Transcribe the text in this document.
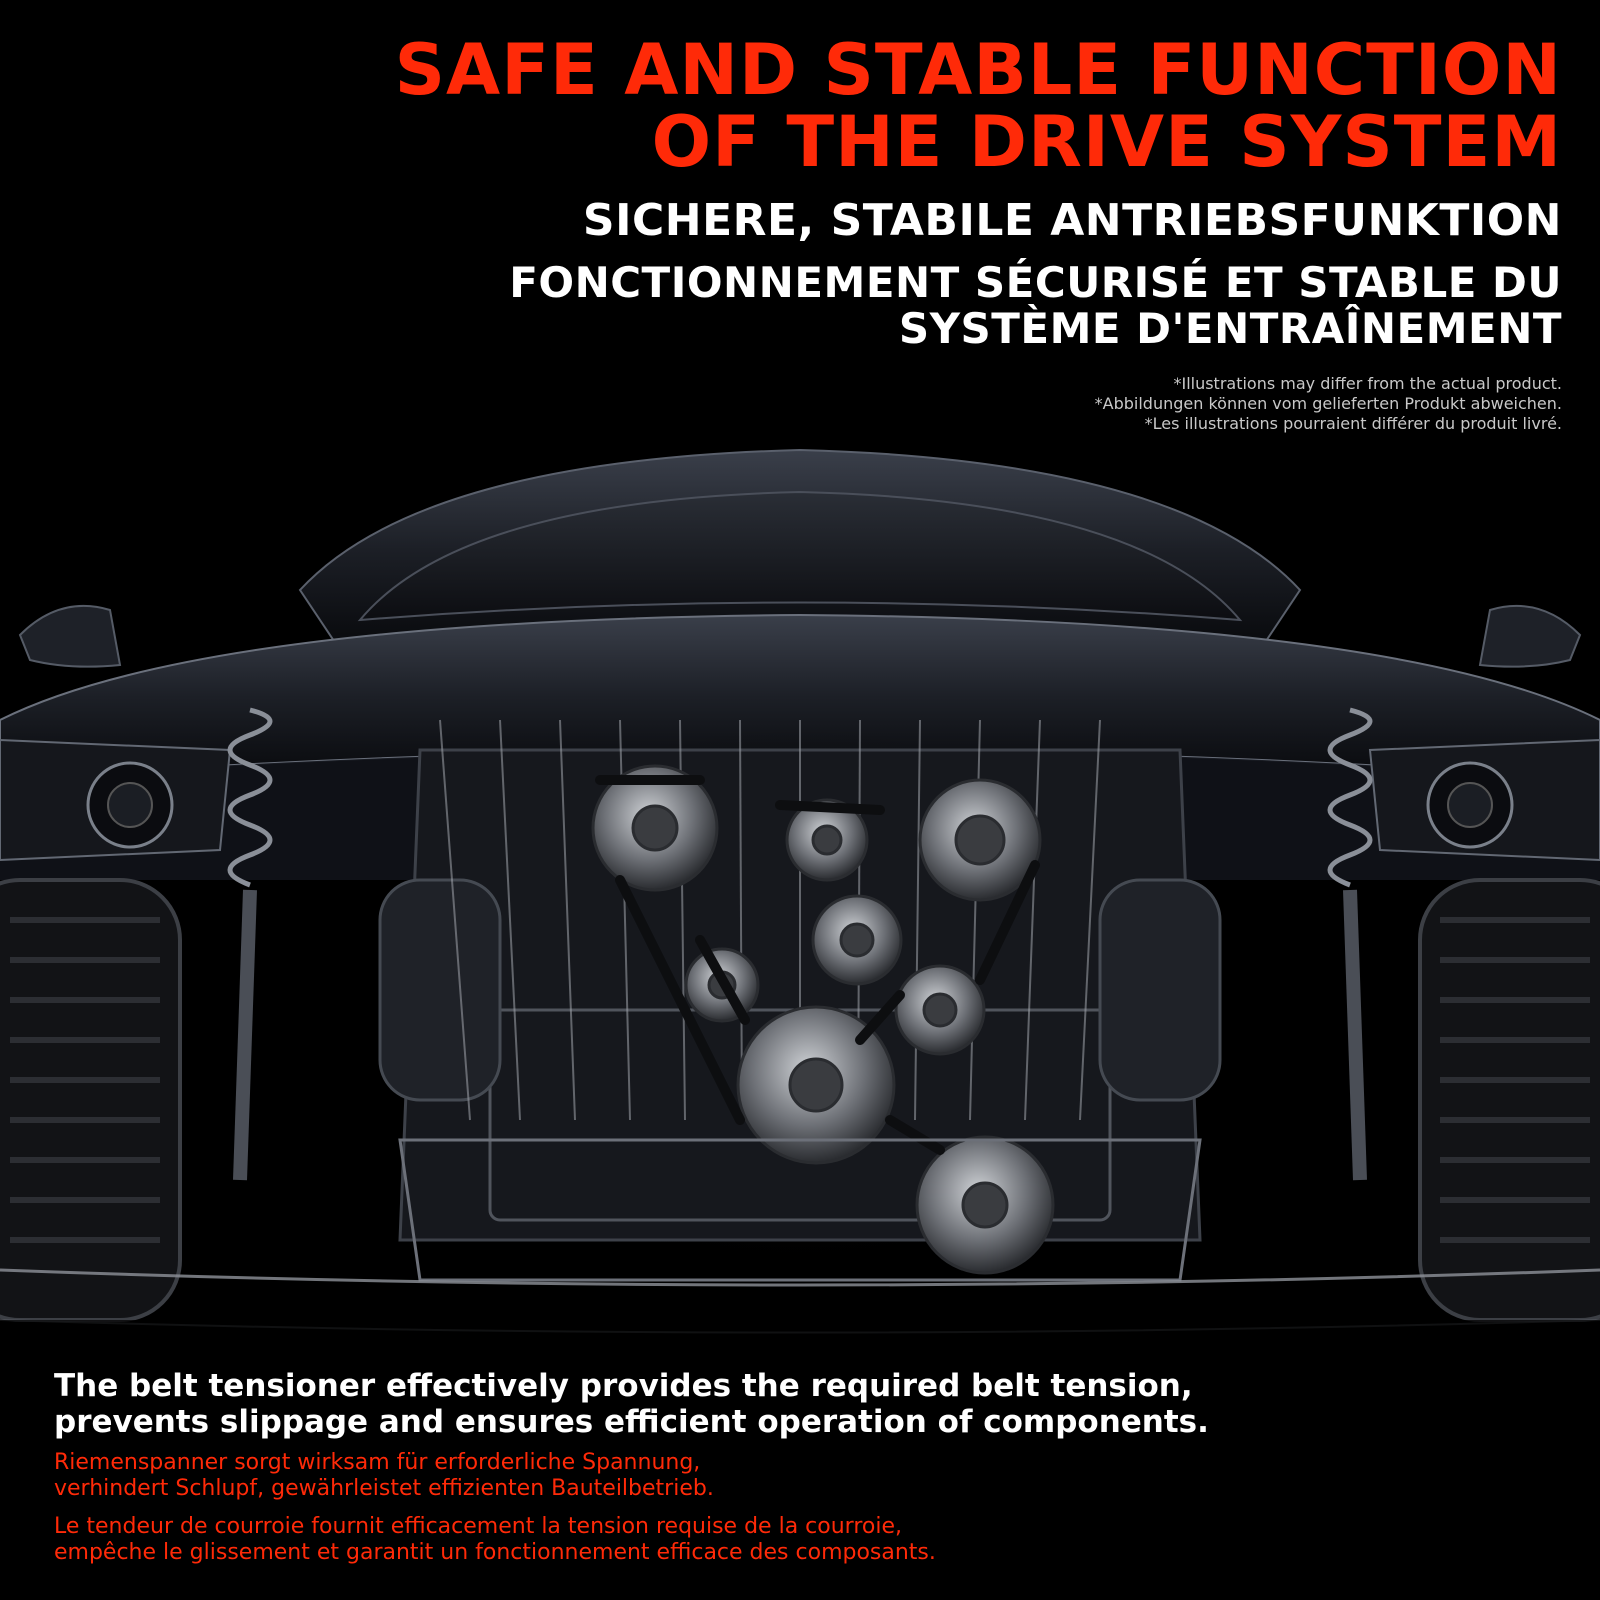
SAFE AND STABLE FUNCTION
OF THE DRIVE SYSTEM
SICHERE, STABILE ANTRIEBSFUNKTION
FONCTIONNEMENT SÉCURISÉ ET STABLE DU
SYSTÈME D'ENTRAÎNEMENT
*Illustrations may differ from the actual product.
*Abbildungen können vom gelieferten Produkt abweichen.
*Les illustrations pourraient différer du produit livré.
The belt tensioner effectively provides the required belt tension,
prevents slippage and ensures efficient operation of components.
Riemenspanner sorgt wirksam für erforderliche Spannung,
verhindert Schlupf, gewährleistet effizienten Bauteilbetrieb.
Le tendeur de courroie fournit efficacement la tension requise de la courroie,
empêche le glissement et garantit un fonctionnement efficace des composants.
